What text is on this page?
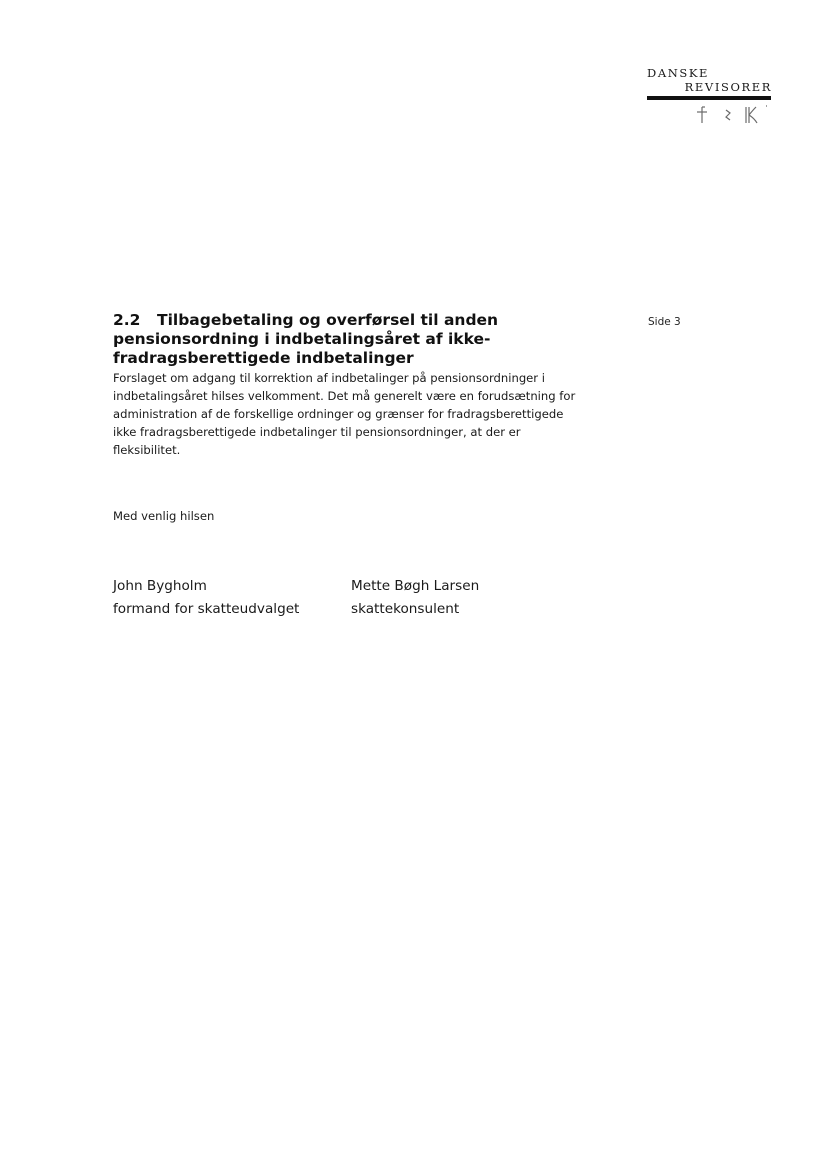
DANSKE
REVISORER
Side 3
2.2 Tilbagebetaling og overførsel til anden
pensionsordning i indbetalingsåret af ikke-
fradragsberettigede indbetalinger

Forslaget om adgang til korrektion af indbetalinger på pensionsordninger i
indbetalingsåret hilses velkomment. Det må generelt være en forudsætning for
administration af de forskellige ordninger og grænser for fradragsberettigede
ikke fradragsberettigede indbetalinger til pensionsordninger, at der er
fleksibilitet.

Med venlig hilsen
John Bygholm
formand for skatteudvalget
Mette Bøgh Larsen
skattekonsulent
